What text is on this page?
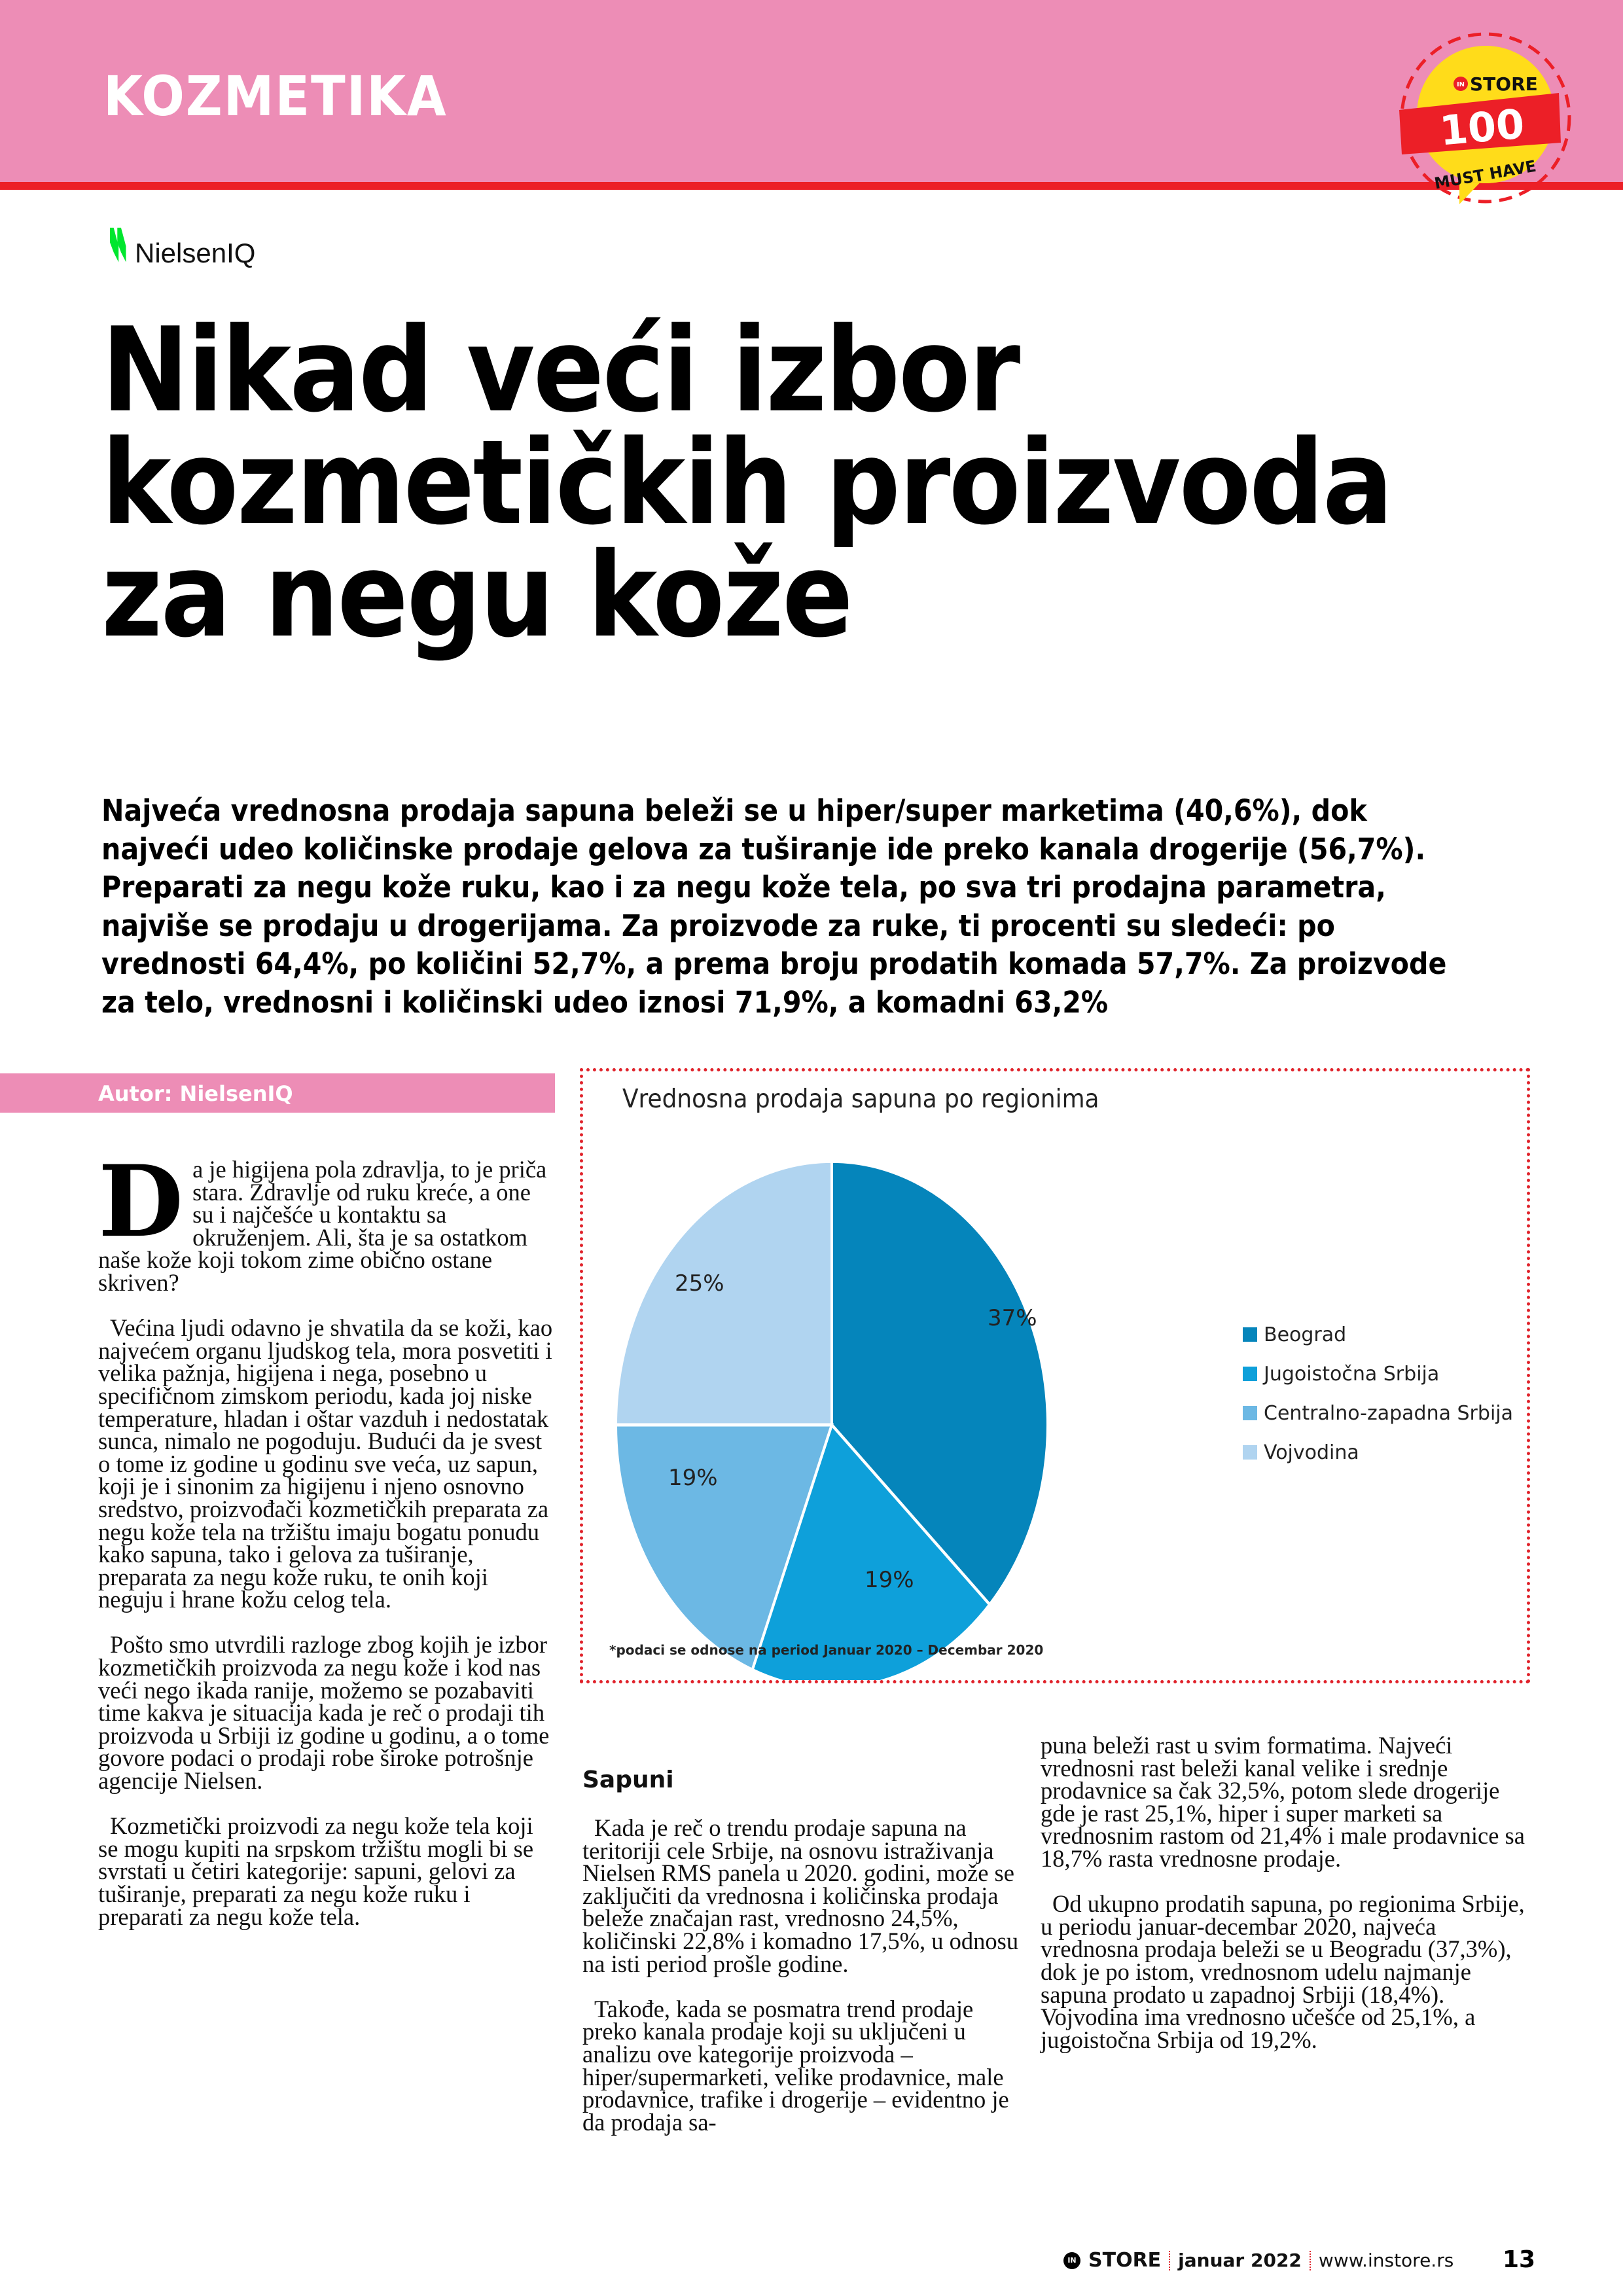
KOZMETIKA	IN STORE
100
MUST HAVE
NielsenIQ
Nikad veći izbor
kozmetičkih proizvoda
za negu kože

Najveća vrednosna prodaja sapuna beleži se u hiper/super marketima (40,6%), dok najveći udeo količinske prodaje gelova za tuširanje ide preko kanala drogerije (56,7%). Preparati za negu kože ruku, kao i za negu kože tela, po sva tri prodajna parametra, najviše se prodaju u drogerijama. Za proizvode za ruke, ti procenti su sledeći: po vrednosti 64,4%, po količini 52,7%, a prema broju prodatih komada 57,7%. Za proizvode za telo, vrednosni i količinski udeo iznosi 71,9%, a komadni 63,2%

Autor: NielsenIQ

D a je higijena pola zdravlja, to je priča stara. Zdravlje od ruku kreće, a one su i najčešće u kontaktu sa okruženjem. Ali, šta je sa ostatkom naše kože koji tokom zime obično ostane skriven?

Većina ljudi odavno je shvatila da se koži, kao najvećem organu ljudskog tela, mora posvetiti i velika pažnja, higijena i nega, posebno u specifičnom zimskom periodu, kada joj niske temperature, hladan i oštar vazduh i nedostatak sunca, nimalo ne pogoduju. Budući da je svest o tome iz godine u godinu sve veća, uz sapun, koji je i sinonim za higijenu i njeno osnovno sredstvo, proizvođači kozmetičkih preparata za negu kože tela na tržištu imaju bogatu ponudu kako sapuna, tako i gelova za tuširanje, preparata za negu kože ruku, te onih koji neguju i hrane kožu celog tela.

Pošto smo utvrdili razloge zbog kojih je izbor kozmetičkih proizvoda za negu kože i kod nas veći nego ikada ranije, možemo se pozabaviti time kakva je situacija kada je reč o prodaji tih proizvoda u Srbiji iz godine u godinu, a o tome govore podaci o prodaji robe široke potrošnje agencije Nielsen.

Kozmetički proizvodi za negu kože tela koji se mogu kupiti na srpskom tržištu mogli bi se svrstati u četiri kategorije: sapuni, gelovi za tuširanje, preparati za negu kože ruku i preparati za negu kože tela.

Vrednosna prodaja sapuna po regionima
37%
19%
19%
25%
Beograd
Jugoistočna Srbija
Centralno-zapadna Srbija
Vojvodina
*podaci se odnose na period Januar 2020 – Decembar 2020
Sapuni

Kada je reč o trendu prodaje sapuna na teritoriji cele Srbije, na osnovu istraživanja Nielsen RMS panela u 2020. godini, može se zaključiti da vrednosna i količinska prodaja beleže značajan rast, vrednosno 24,5%, količinski 22,8% i komadno 17,5%, u odnosu na isti period prošle godine.

Takođe, kada se posmatra trend prodaje preko kanala prodaje koji su uključeni u analizu ove kategorije proizvoda – hiper/supermarketi, velike prodavnice, male prodavnice, trafike i drogerije – evidentno je da prodaja sa-

puna beleži rast u svim formatima. Najveći vrednosni rast beleži kanal velike i srednje prodavnice sa čak 32,5%, potom slede drogerije gde je rast 25,1%, hiper i super marketi sa vrednosnim rastom od 21,4% i male prodavnice sa 18,7% rasta vrednosne prodaje.

Od ukupno prodatih sapuna, po regionima Srbije, u periodu januar-decembar 2020, najveća vrednosna prodaja beleži se u Beogradu (37,3%), dok je po istom, vrednosnom udelu najmanje sapuna prodato u zapadnoj Srbiji (18,4%). Vojvodina ima vrednosno učešće od 25,1%, a jugoistočna Srbija od 19,2%.

IN STORE januar 2022 www.instore.rs 13
